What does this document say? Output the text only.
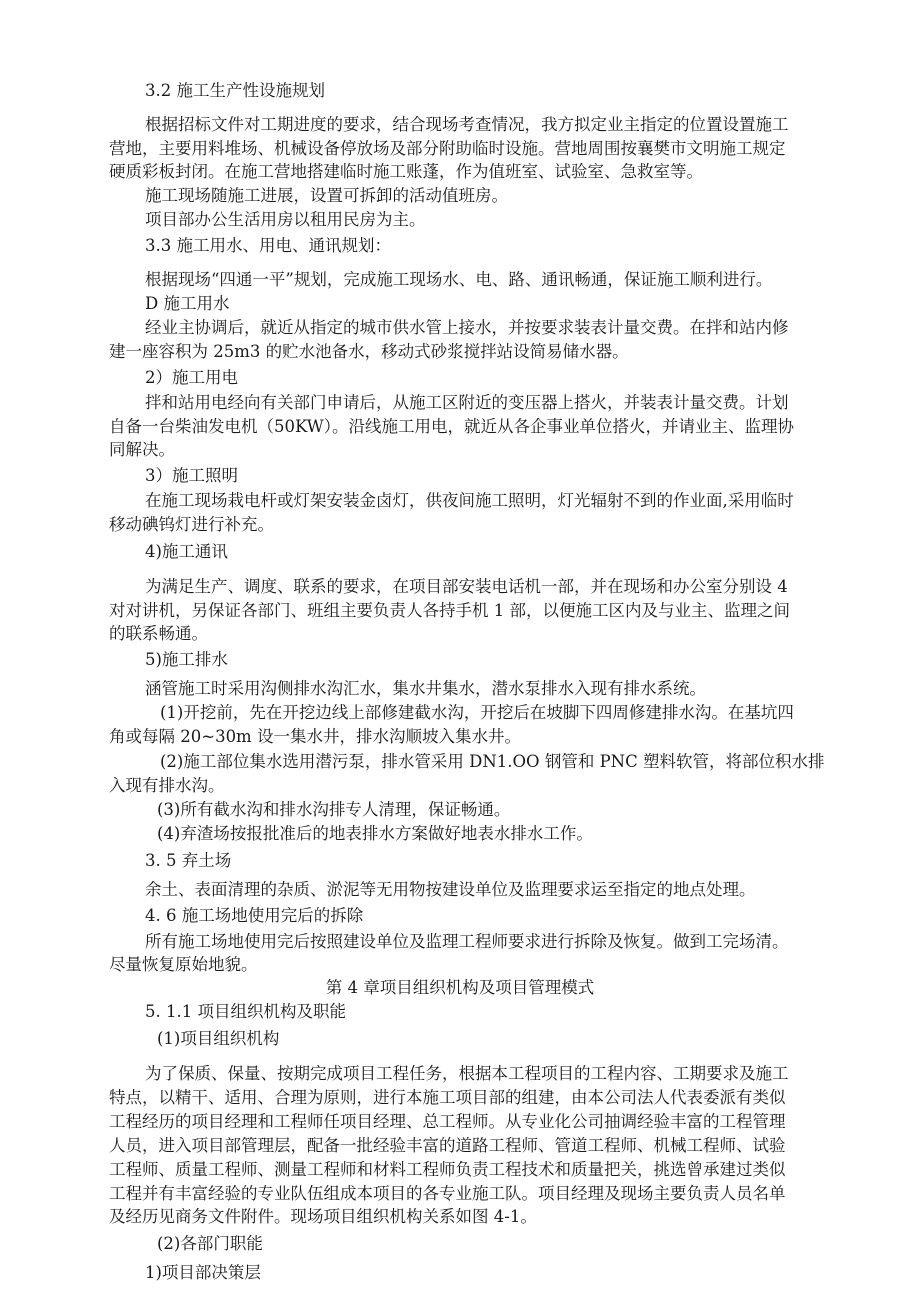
3.2 施工生产性设施规划
根据招标文件对工期进度的要求，结合现场考查情况，我方拟定业主指定的位置设置施工
营地，主要用料堆场、机械设备停放场及部分附助临时设施。营地周围按襄樊市文明施工规定
硬质彩板封闭。在施工营地搭建临时施工账蓬，作为值班室、试验室、急救室等。
施工现场随施工进展，设置可拆卸的活动值班房。
项目部办公生活用房以租用民房为主。
3.3 施工用水、用电、通讯规划：
根据现场“四通一平”规划，完成施工现场水、电、路、通讯畅通，保证施工顺利进行。
D 施工用水
经业主协调后，就近从指定的城市供水管上接水，并按要求装表计量交费。在拌和站内修
建一座容积为 25m3 的贮水池备水，移动式砂浆搅拌站设简易储水器。
2）施工用电
拌和站用电经向有关部门申请后，从施工区附近的变压器上搭火，并装表计量交费。计划
自备一台柴油发电机（50KW）。沿线施工用电，就近从各企事业单位搭火，并请业主、监理协
同解决。
3）施工照明
在施工现场栽电杆或灯架安装金卤灯，供夜间施工照明，灯光辐射不到的作业面,采用临时
移动碘钨灯进行补充。
4)施工通讯
为满足生产、调度、联系的要求，在项目部安装电话机一部，并在现场和办公室分别设 4
对对讲机，另保证各部门、班组主要负责人各持手机 1 部，以便施工区内及与业主、监理之间
的联系畅通。
5)施工排水
涵管施工时采用沟侧排水沟汇水，集水井集水，潜水泵排水入现有排水系统。
(1)开挖前，先在开挖边线上部修建截水沟，开挖后在坡脚下四周修建排水沟。在基坑四
角或每隔 20~30m 设一集水井，排水沟顺坡入集水井。
(2)施工部位集水选用潜污泵，排水管采用 DN1.OO 钢管和 PNC 塑料软管，将部位积水排
入现有排水沟。
(3)所有截水沟和排水沟排专人清理，保证畅通。
(4)弃渣场按报批准后的地表排水方案做好地表水排水工作。
3. 5 弃土场
余土、表面清理的杂质、淤泥等无用物按建设单位及监理要求运至指定的地点处理。
4. 6 施工场地使用完后的拆除
所有施工场地使用完后按照建设单位及监理工程师要求进行拆除及恢复。做到工完场清。
尽量恢复原始地貌。
第 4 章项目组织机构及项目管理模式
5. 1.1 项目组织机构及职能
(1)项目组织机构
为了保质、保量、按期完成项目工程任务，根据本工程项目的工程内容、工期要求及施工
特点，以精干、适用、合理为原则，进行本施工项目部的组建，由本公司法人代表委派有类似
工程经历的项目经理和工程师任项目经理、总工程师。从专业化公司抽调经验丰富的工程管理
人员，进入项目部管理层，配备一批经验丰富的道路工程师、管道工程师、机械工程师、试验
工程师、质量工程师、测量工程师和材料工程师负责工程技术和质量把关，挑选曾承建过类似
工程并有丰富经验的专业队伍组成本项目的各专业施工队。项目经理及现场主要负责人员名单
及经历见商务文件附件。现场项目组织机构关系如图 4-1。
(2)各部门职能
1)项目部决策层
